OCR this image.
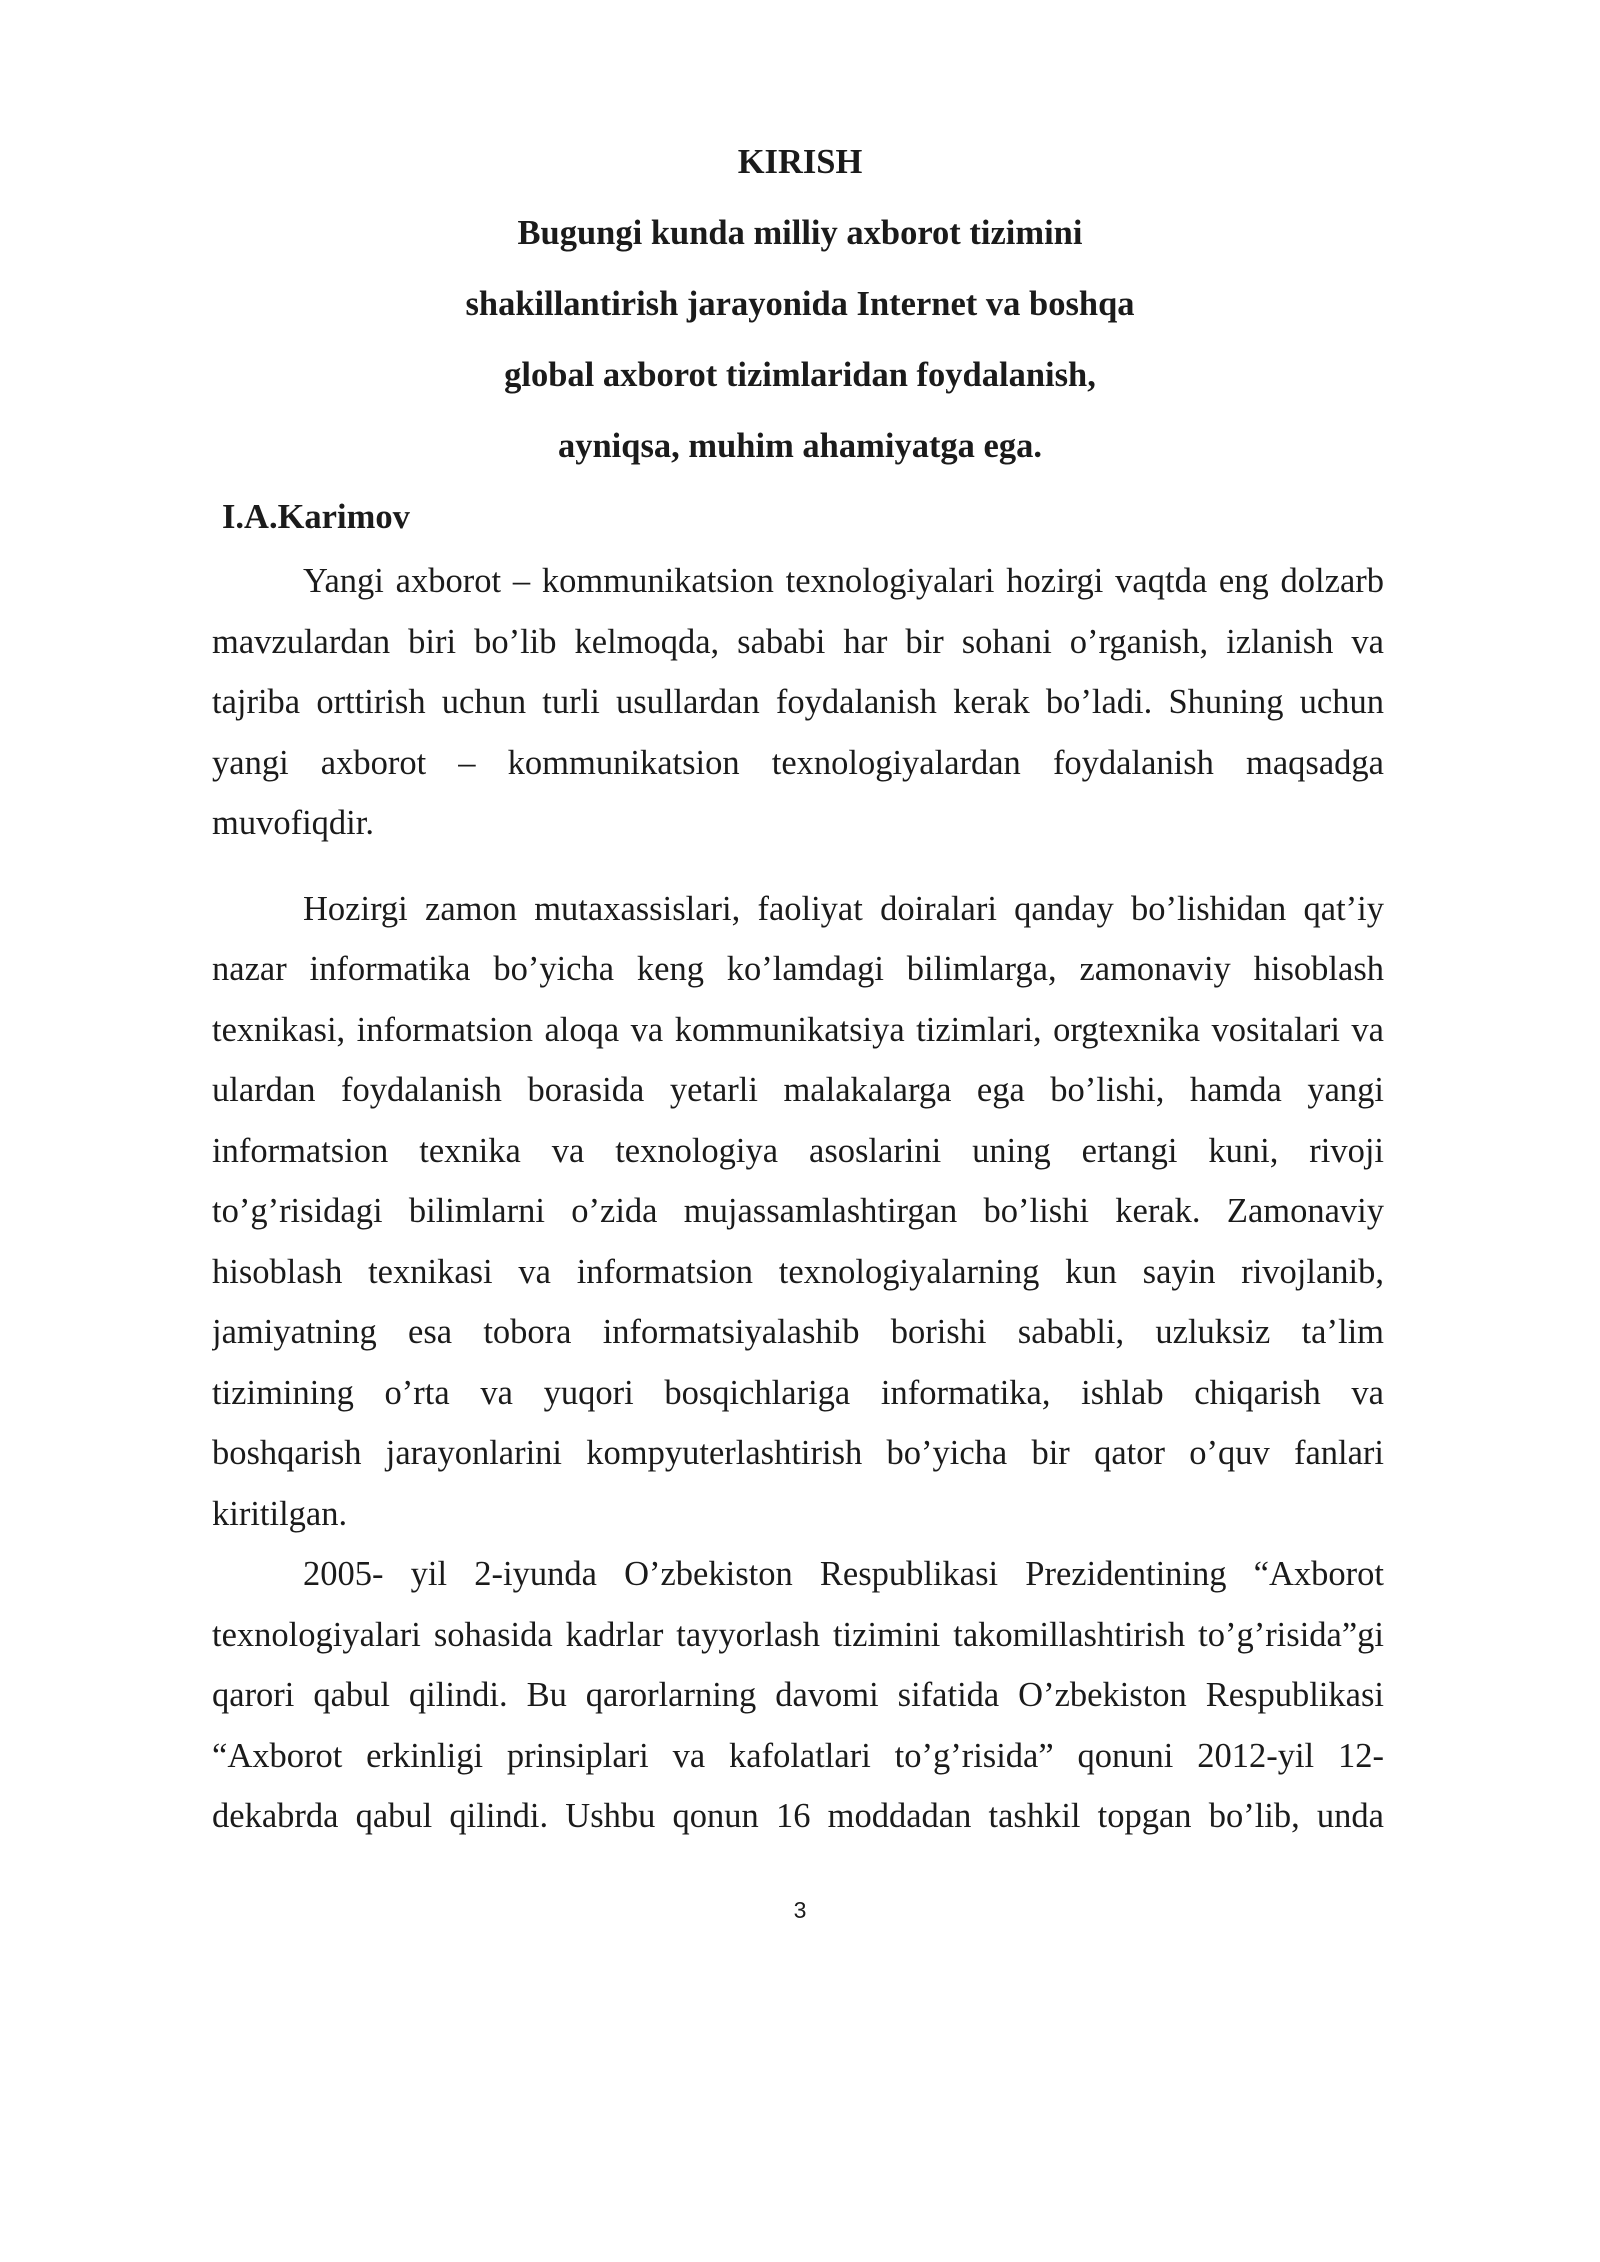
KIRISH
Bugungi kunda milliy axborot tizimini
shakillantirish jarayonida Internet va boshqa
global axborot tizimlaridan foydalanish,
ayniqsa, muhim ahamiyatga ega.
I.A.Karimov
Yangi axborot – kommunikatsion texnologiyalari hozirgi vaqtda eng dolzarb
mavzulardan biri bo’lib kelmoqda, sababi har bir sohani o’rganish, izlanish va
tajriba orttirish uchun turli usullardan foydalanish kerak bo’ladi. Shuning uchun
yangi axborot – kommunikatsion texnologiyalardan foydalanish maqsadga
muvofiqdir.
Hozirgi zamon mutaxassislari, faoliyat doiralari qanday bo’lishidan qat’iy
nazar informatika bo’yicha keng ko’lamdagi bilimlarga, zamonaviy hisoblash
texnikasi, informatsion aloqa va kommunikatsiya tizimlari, orgtexnika vositalari va
ulardan foydalanish borasida yetarli malakalarga ega bo’lishi, hamda yangi
informatsion texnika va texnologiya asoslarini uning ertangi kuni, rivoji
to’g’risidagi bilimlarni o’zida mujassamlashtirgan bo’lishi kerak. Zamonaviy
hisoblash texnikasi va informatsion texnologiyalarning kun sayin rivojlanib,
jamiyatning esa tobora informatsiyalashib borishi sababli, uzluksiz ta’lim
tizimining o’rta va yuqori bosqichlariga informatika, ishlab chiqarish va
boshqarish jarayonlarini kompyuterlashtirish bo’yicha bir qator o’quv fanlari
kiritilgan.
2005- yil 2-iyunda O’zbekiston Respublikasi Prezidentining “Axborot
texnologiyalari sohasida kadrlar tayyorlash tizimini takomillashtirish to’g’risida”gi
qarori qabul qilindi. Bu qarorlarning davomi sifatida O’zbekiston Respublikasi
“Axborot erkinligi prinsiplari va kafolatlari to’g’risida” qonuni 2012-yil 12-
dekabrda qabul qilindi. Ushbu qonun 16 moddadan tashkil topgan bo’lib, unda
3
